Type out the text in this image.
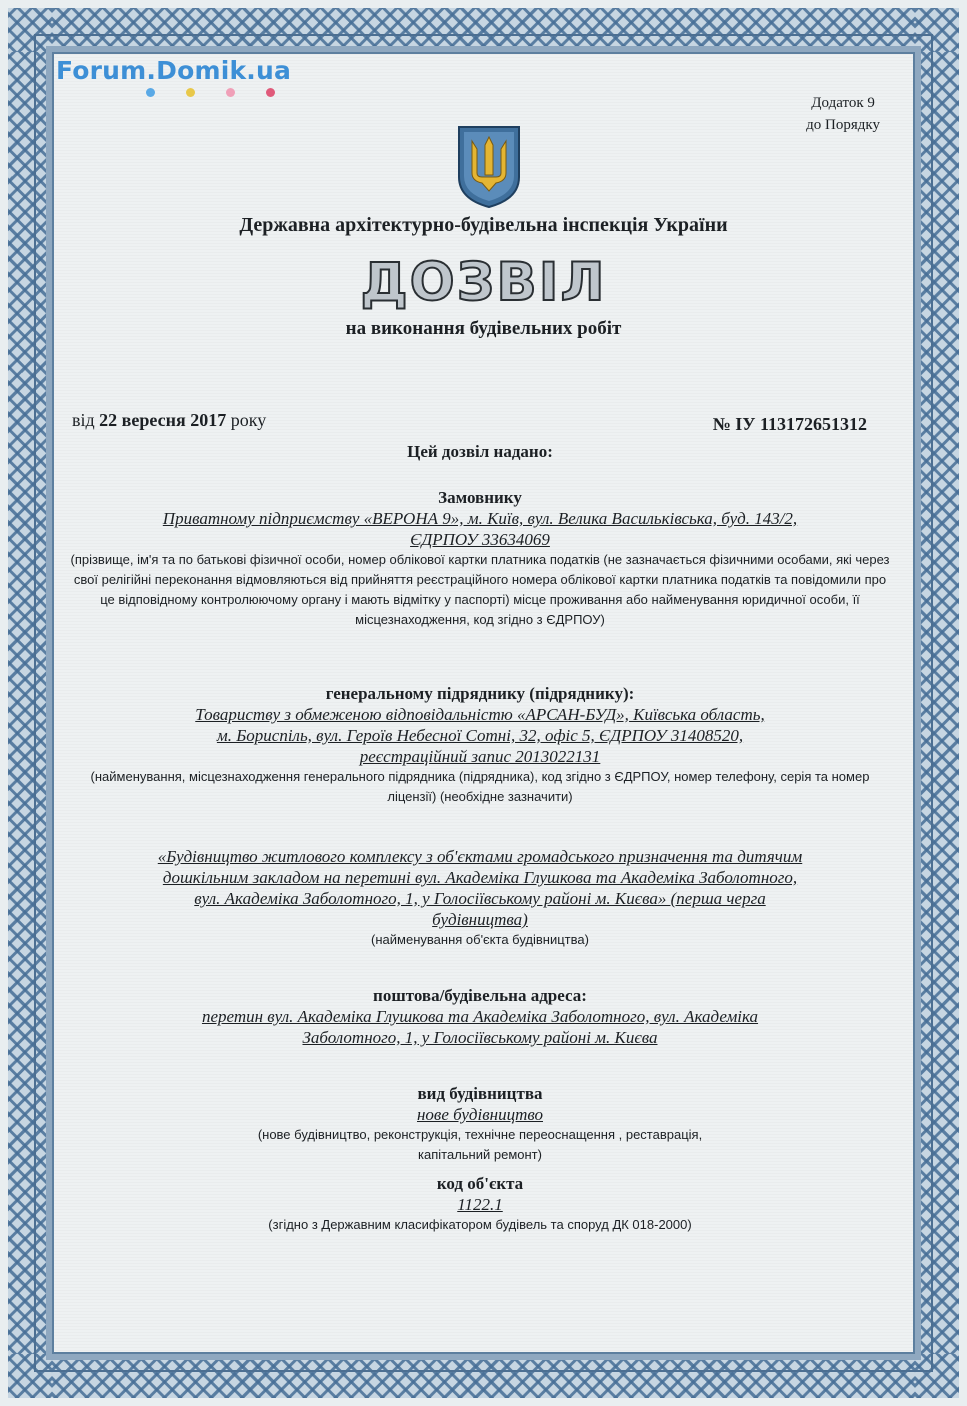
Forum.Domik.ua
Додаток 9
до Порядку
Державна архітектурно-будівельна інспекція України
ДОЗВІЛ
на виконання будівельних робіт
від 22 вересня 2017 року	№ ІУ 113172651312
Цей дозвіл надано:
Замовнику
Приватному підприємству «ВЕРОНА 9», м. Київ, вул. Велика Васильківська, буд. 143/2,
ЄДРПОУ 33634069
(прізвище, ім'я та по батькові фізичної особи, номер облікової картки платника податків (не зазначається фізичними особами, які через свої релігійні переконання відмовляються від прийняття реєстраційного номера облікової картки платника податків та повідомили про це відповідному контролюючому органу і мають відмітку у паспорті) місце проживання або найменування юридичної особи, її місцезнаходження, код згідно з ЄДРПОУ)
генеральному підряднику (підряднику):
Товариству з обмеженою відповідальністю «АРСАН-БУД», Київська область,
м. Бориспіль, вул. Героїв Небесної Сотні, 32, офіс 5, ЄДРПОУ 31408520,
реєстраційний запис 2013022131
(найменування, місцезнаходження генерального підрядника (підрядника), код згідно з ЄДРПОУ, номер телефону, серія та номер ліцензії) (необхідне зазначити)
«Будівництво житлового комплексу з об'єктами громадського призначення та дитячим
дошкільним закладом на перетині вул. Академіка Глушкова та Академіка Заболотного,
вул. Академіка Заболотного, 1, у Голосіївському районі м. Києва» (перша черга
будівництва)
(найменування об'єкта будівництва)
поштова/будівельна адреса:
перетин вул. Академіка Глушкова та Академіка Заболотного, вул. Академіка
Заболотного, 1, у Голосіївському районі м. Києва
вид будівництва
нове будівництво
(нове будівництво, реконструкція, технічне переоснащення , реставрація,
капітальний ремонт)
код об'єкта
1122.1
(згідно з Державним класифікатором будівель та споруд ДК 018-2000)
